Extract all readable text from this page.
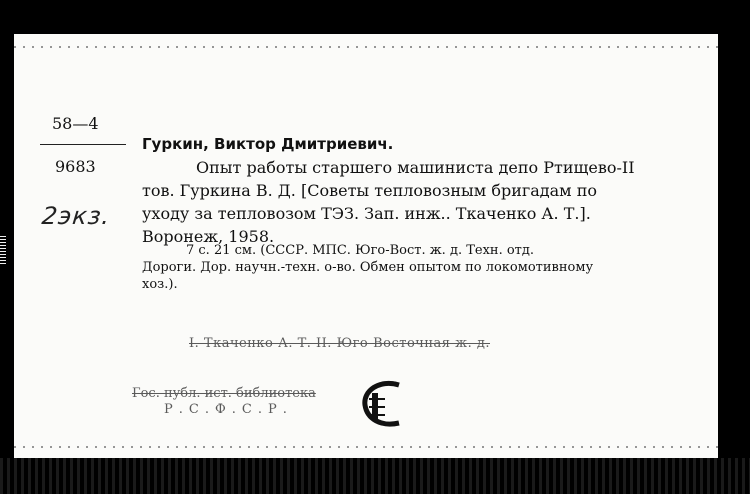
58—4
9683
2экз.
Гуркин, Виктор Дмитриевич.
Опыт работы старшего машиниста депо Ртищево-II
тов. Гуркина В. Д. [Советы тепловозным бригадам по
уходу за тепловозом ТЭЗ. Зап. инж.. Ткаченко А. Т.].
Воронеж, 1958.
7 с. 21 см. (СССР. МПС. Юго-Вост. ж. д. Техн. отд.
Дороги. Дор. научн.-техн. о-во. Обмен опытом по локомотивному
хоз.).
I. Ткаченко А. Т. II. Юго-Восточная ж. д.
Гос. публ. ист. библиотека
Р.С.Ф.С.Р.
